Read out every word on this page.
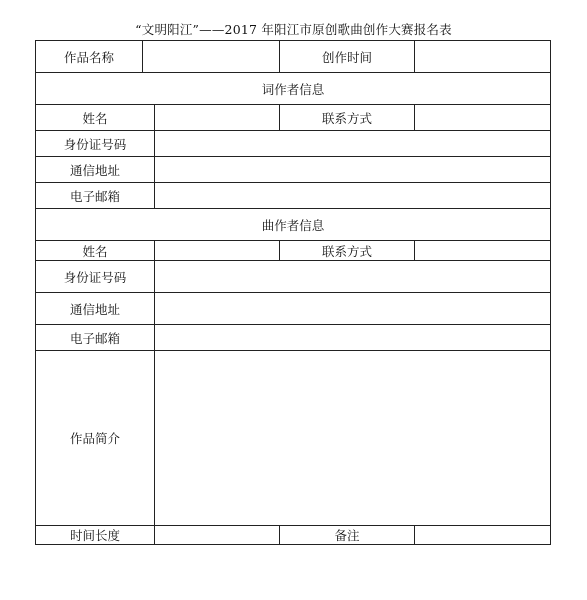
“文明阳江”——2017 年阳江市原创歌曲创作大赛报名表
作品名称			创作时间	
词作者信息				
姓名			联系方式	
身份证号码				
通信地址				
电子邮箱				
曲作者信息				
姓名			联系方式	
身份证号码				
通信地址				
电子邮箱				
作品简介				
时间长度			备注	
